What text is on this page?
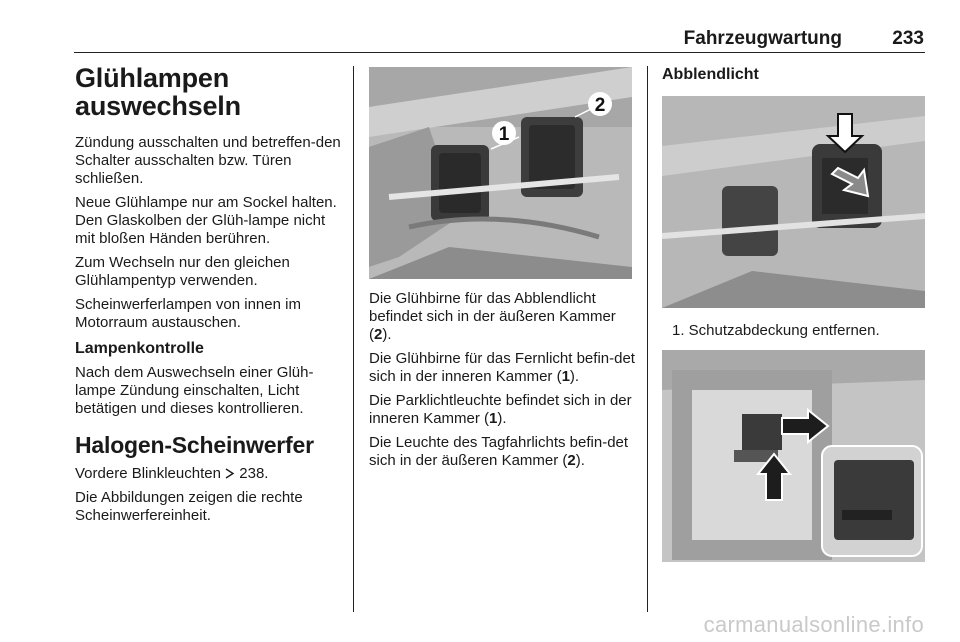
Fahrzeugwartung	233
Glühlampen auswechseln

Zündung ausschalten und betreffen-den Schalter ausschalten bzw. Türen schließen.

Neue Glühlampe nur am Sockel halten. Den Glaskolben der Glüh-lampe nicht mit bloßen Händen berühren.

Zum Wechseln nur den gleichen Glühlampentyp verwenden.

Scheinwerferlampen von innen im Motorraum austauschen.

Lampenkontrolle

Nach dem Auswechseln einer Glüh-lampe Zündung einschalten, Licht betätigen und dieses kontrollieren.

Halogen-Scheinwerfer

Vordere Blinkleuchten 238.

Die Abbildungen zeigen die rechte Scheinwerfereinheit.

1
2

Die Glühbirne für das Abblendlicht befindet sich in der äußeren Kammer (2).

Die Glühbirne für das Fernlicht befin-det sich in der inneren Kammer (1).

Die Parklichtleuchte befindet sich in der inneren Kammer (1).

Die Leuchte des Tagfahrlichts befin-det sich in der äußeren Kammer (2).

Abblendlicht
1. Schutzabdeckung entfernen.
carmanualsonline.info
